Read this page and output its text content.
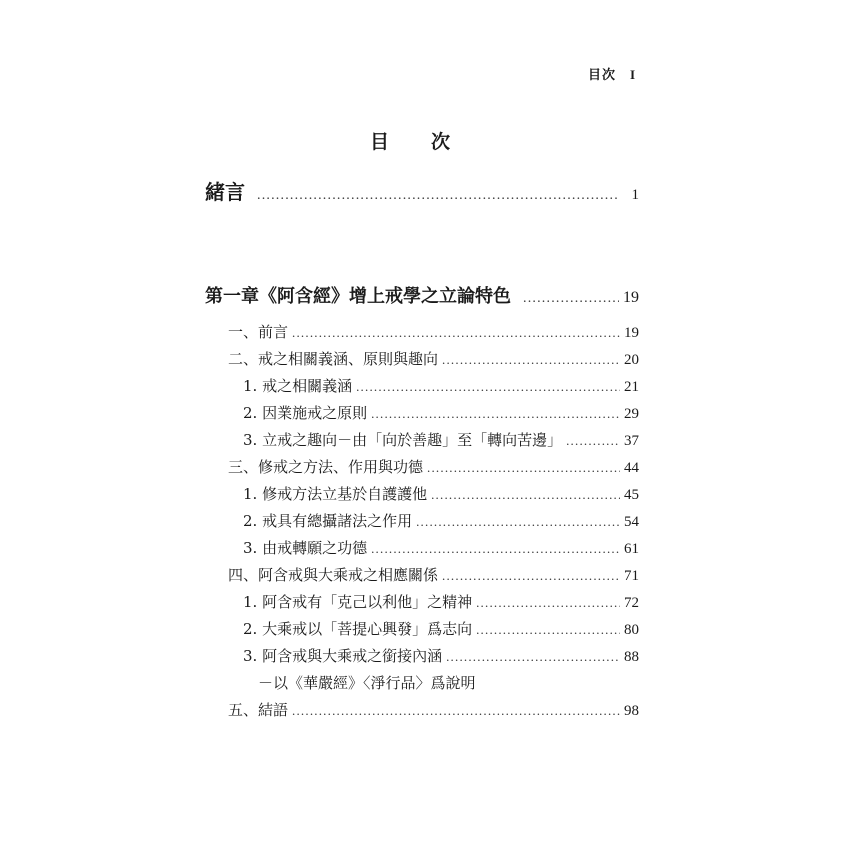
目次 I
目 次
緒言 .....	1
第一章《阿含經》增上戒學之立論特色 .....	19
一、前言 .....	19
二、戒之相關義涵、原則與趣向 .....	20
1. 戒之相關義涵 .....	21
2. 因業施戒之原則 .....	29
3. 立戒之趣向－由「向於善趣」至「轉向苦邊」 .....	37
三、修戒之方法、作用與功德 .....	44
1. 修戒方法立基於自護護他 .....	45
2. 戒具有總攝諸法之作用 .....	54
3. 由戒轉願之功德 .....	61
四、阿含戒與大乘戒之相應關係 .....	71
1. 阿含戒有「克己以利他」之精神 .....	72
2. 大乘戒以「菩提心興發」爲志向 .....	80
3. 阿含戒與大乘戒之銜接內涵 .....	88
－以《華嚴經》〈淨行品〉爲說明
五、結語 .....	98
